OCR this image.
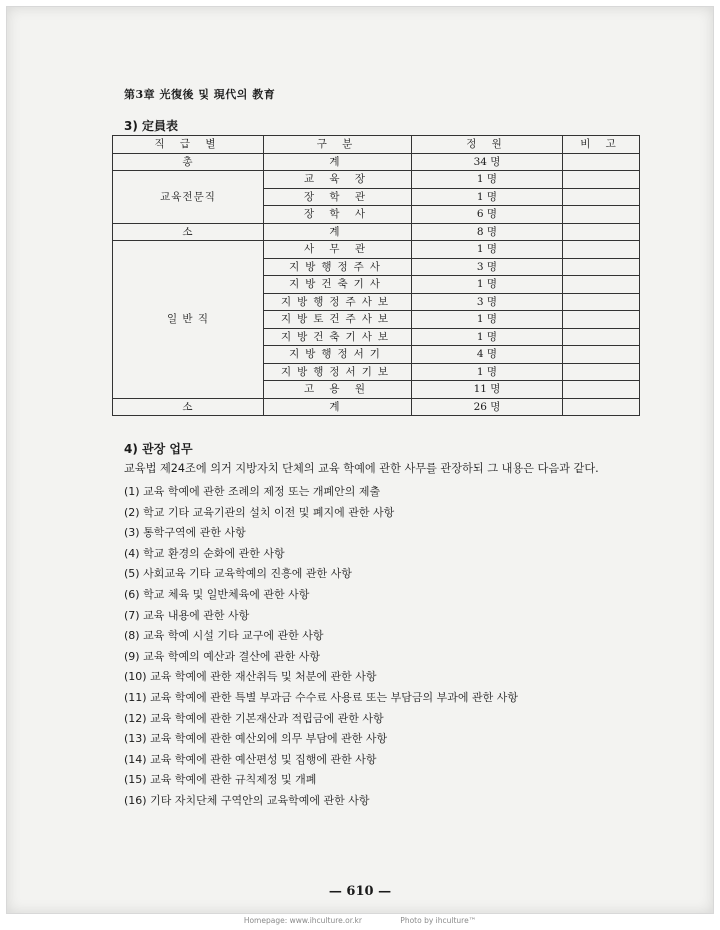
第3章 光復後 및 現代의 教育
3) 定員表
직 급 별	구 분	정 원	비 고
총	계	34 명	
교육전문직	교 육 장	1 명	
	장 학 관	1 명	
	장 학 사	6 명	
소	계	8 명	
일 반 직	사 무 관	1 명	
	지방행정주사	3 명	
	지방건축기사	1 명	
	지방행정주사보	3 명	
	지방토건주사보	1 명	
	지방건축기사보	1 명	
	지방행정서기	4 명	
	지방행정서기보	1 명	
	고 용 원	11 명	
소	계	26 명	
4) 관장 업무
교육법 제24조에 의거 지방자치 단체의 교육 학예에 관한 사무를 관장하되 그 내용은 다음과 같다.
(1) 교육 학예에 관한 조례의 제정 또는 개폐안의 제출
(2) 학교 기타 교육기관의 설치 이전 및 폐지에 관한 사항
(3) 통학구역에 관한 사항
(4) 학교 환경의 순화에 관한 사항
(5) 사회교육 기타 교육학예의 진흥에 관한 사항
(6) 학교 체육 및 일반체육에 관한 사항
(7) 교육 내용에 관한 사항
(8) 교육 학예 시설 기타 교구에 관한 사항
(9) 교육 학예의 예산과 결산에 관한 사항
(10) 교육 학예에 관한 재산취득 및 처분에 관한 사항
(11) 교육 학예에 관한 특별 부과금 수수료 사용료 또는 부담금의 부과에 관한 사항
(12) 교육 학예에 관한 기본재산과 적립금에 관한 사항
(13) 교육 학예에 관한 예산외에 의무 부담에 관한 사항
(14) 교육 학예에 관한 예산편성 및 집행에 관한 사항
(15) 교육 학예에 관한 규칙제정 및 개폐
(16) 기타 자치단체 구역안의 교육학예에 관한 사항
— 610 —
Homepage: www.ihculture.or.kr	Photo by ihculture™
